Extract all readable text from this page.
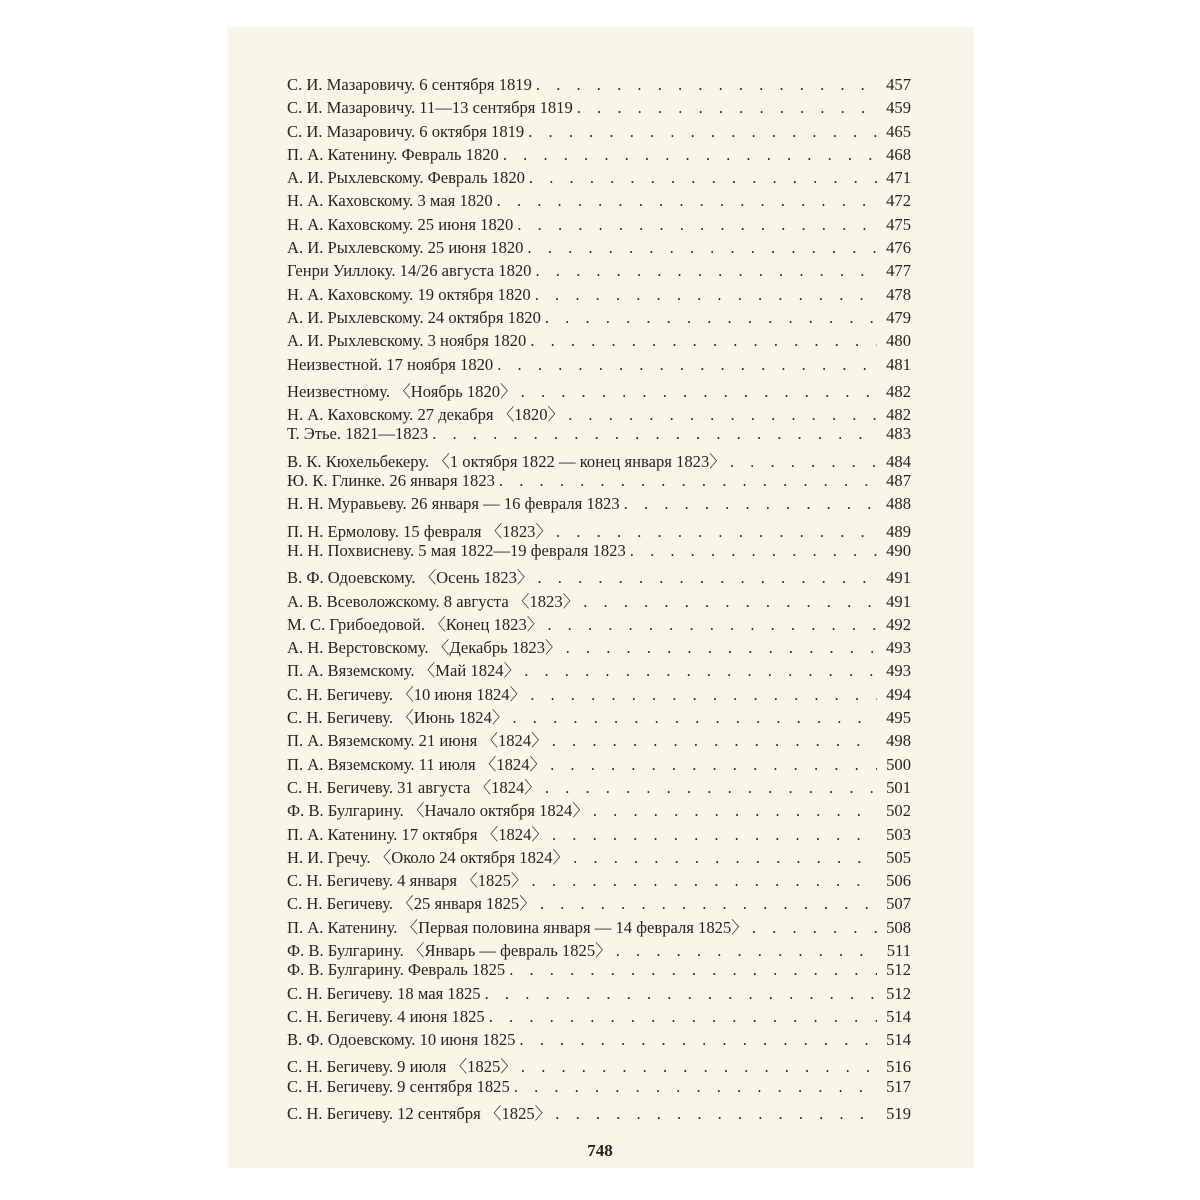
С. И. Мазаровичу. 6 сентября 1819 . . .	457
С. И. Мазаровичу. 11—13 сентября 1819 . . .	459
С. И. Мазаровичу. 6 октября 1819 . . .	465
П. А. Катенину. Февраль 1820 . . .	468
А. И. Рыхлевскому. Февраль 1820 . . .	471
Н. А. Каховскому. 3 мая 1820 . . .	472
Н. А. Каховскому. 25 июня 1820 . . .	475
А. И. Рыхлевскому. 25 июня 1820 . . .	476
Генри Уиллоку. 14/26 августа 1820 . . .	477
Н. А. Каховскому. 19 октября 1820 . . .	478
А. И. Рыхлевскому. 24 октября 1820 . . .	479
А. И. Рыхлевскому. 3 ноября 1820 . . .	480
Неизвестной. 17 ноября 1820 . . .	481
Неизвестному. 〈Ноябрь 1820〉 . . .	482
Н. А. Каховскому. 27 декабря 〈1820〉 . . .	482
Т. Этье. 1821—1823 . . .	483
В. К. Кюхельбекеру. 〈1 октября 1822 — конец января 1823〉 . . .	484
Ю. К. Глинке. 26 января 1823 . . .	487
Н. Н. Муравьеву. 26 января — 16 февраля 1823 . . .	488
П. Н. Ермолову. 15 февраля 〈1823〉 . . .	489
Н. Н. Похвисневу. 5 мая 1822—19 февраля 1823 . . .	490
В. Ф. Одоевскому. 〈Осень 1823〉 . . .	491
А. В. Всеволожскому. 8 августа 〈1823〉 . . .	491
М. С. Грибоедовой. 〈Конец 1823〉 . . .	492
А. Н. Верстовскому. 〈Декабрь 1823〉 . . .	493
П. А. Вяземскому. 〈Май 1824〉 . . .	493
С. Н. Бегичеву. 〈10 июня 1824〉 . . .	494
С. Н. Бегичеву. 〈Июнь 1824〉 . . .	495
П. А. Вяземскому. 21 июня 〈1824〉 . . .	498
П. А. Вяземскому. 11 июля 〈1824〉 . . .	500
С. Н. Бегичеву. 31 августа 〈1824〉 . . .	501
Ф. В. Булгарину. 〈Начало октября 1824〉 . . .	502
П. А. Катенину. 17 октября 〈1824〉 . . .	503
Н. И. Гречу. 〈Около 24 октября 1824〉 . . .	505
С. Н. Бегичеву. 4 января 〈1825〉 . . .	506
С. Н. Бегичеву. 〈25 января 1825〉 . . .	507
П. А. Катенину. 〈Первая половина января — 14 февраля 1825〉 . . .	508
Ф. В. Булгарину. 〈Январь — февраль 1825〉 . . .	511
Ф. В. Булгарину. Февраль 1825 . . .	512
С. Н. Бегичеву. 18 мая 1825 . . .	512
С. Н. Бегичеву. 4 июня 1825 . . .	514
В. Ф. Одоевскому. 10 июня 1825 . . .	514
С. Н. Бегичеву. 9 июля 〈1825〉 . . .	516
С. Н. Бегичеву. 9 сентября 1825 . . .	517
С. Н. Бегичеву. 12 сентября 〈1825〉 . . .	519
748
